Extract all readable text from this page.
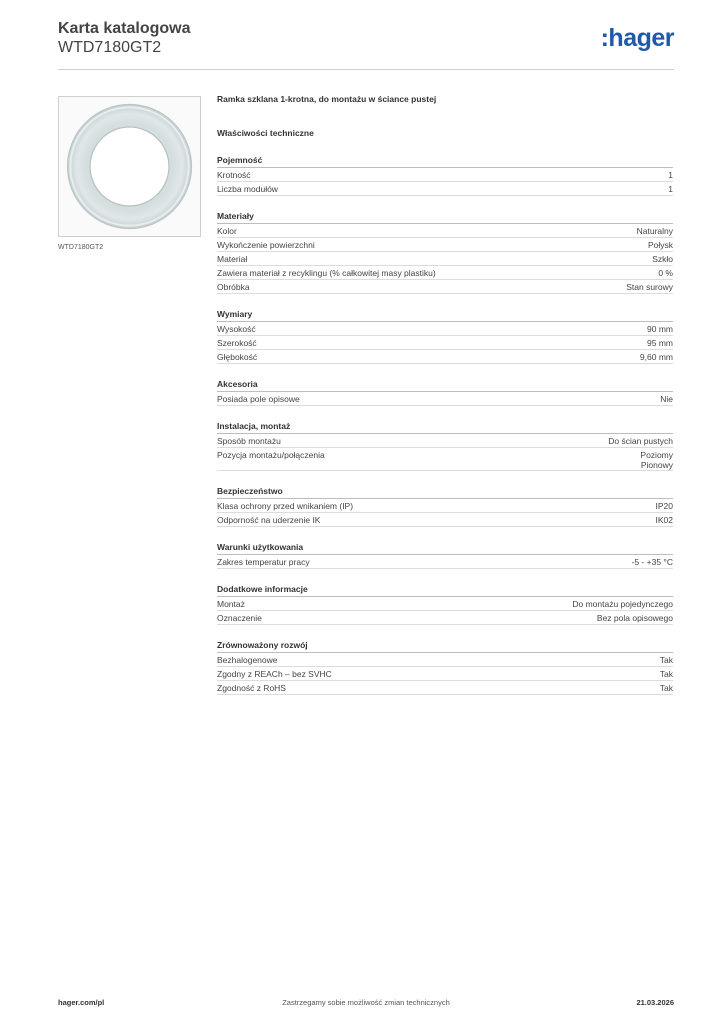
Karta katalogowa
WTD7180GT2	:hager
WTD7180GT2
Ramka szklana 1-krotna, do montażu w ściance pustej
Właściwości techniczne
Pojemność
Krotność	1
Liczba modułów	1
Materiały
Kolor	Naturalny
Wykończenie powierzchni	Połysk
Materiał	Szkło
Zawiera materiał z recyklingu (% całkowitej masy plastiku)	0 %
Obróbka	Stan surowy
Wymiary
Wysokość	90 mm
Szerokość	95 mm
Głębokość	9,60 mm
Akcesoria
Posiada pole opisowe	Nie
Instalacja, montaż
Sposób montażu	Do ścian pustych
Pozycja montażu/połączenia	Poziomy
Pionowy
Bezpieczeństwo
Klasa ochrony przed wnikaniem (IP)	IP20
Odporność na uderzenie IK	IK02
Warunki użytkowania
Zakres temperatur pracy	-5 - +35 °C
Dodatkowe informacje
Montaż	Do montażu pojedynczego
Oznaczenie	Bez pola opisowego
Zrównoważony rozwój
Bezhalogenowe	Tak
Zgodny z REACh – bez SVHC	Tak
Zgodność z RoHS	Tak
Zastrzegamy sobie możliwość zmian technicznych
hager.com/pl	21.03.2026
